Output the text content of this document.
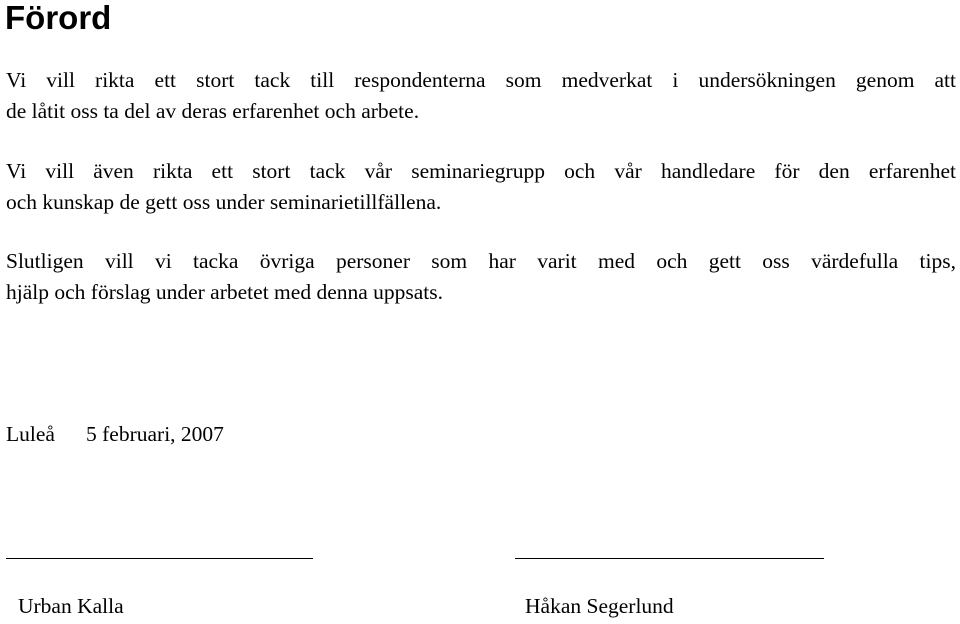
Förord

Vi vill rikta ett stort tack till respondenterna som medverkat i undersökningen genom att
de låtit oss ta del av deras erfarenhet och arbete.

Vi vill även rikta ett stort tack vår seminariegrupp och vår handledare för den erfarenhet
och kunskap de gett oss under seminarietillfällena.

Slutligen vill vi tacka övriga personer som har varit med och gett oss värdefulla tips,
hjälp och förslag under arbetet med denna uppsats.

Luleå 5 februari, 2007
Urban Kalla	Håkan Segerlund
